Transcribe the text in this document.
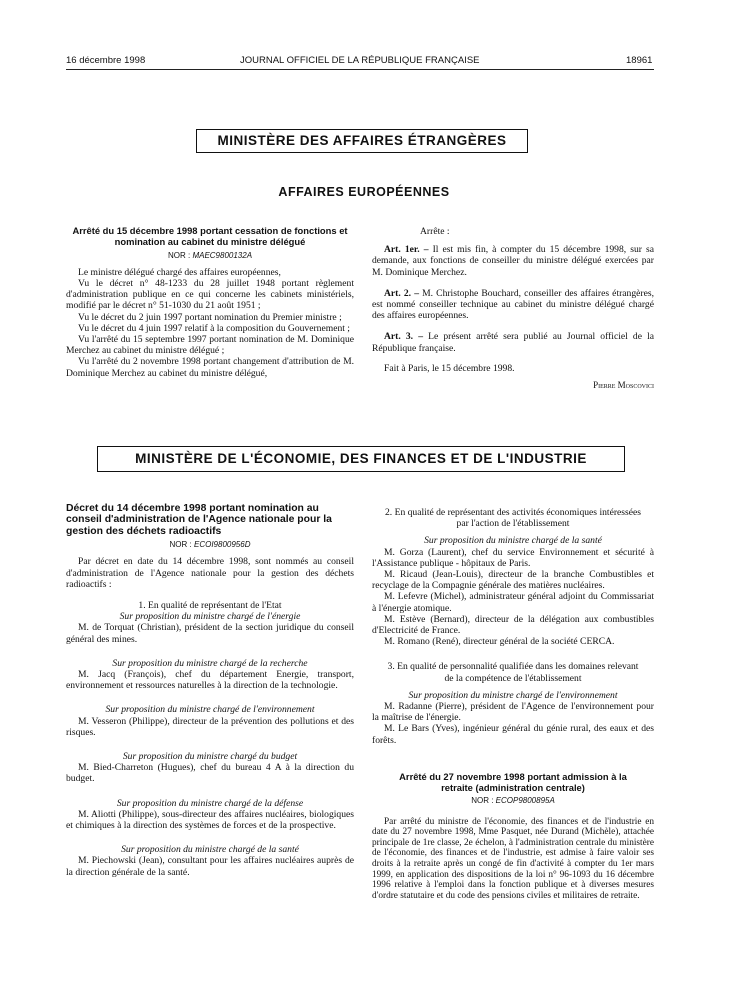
16 décembre 1998	JOURNAL OFFICIEL DE LA RÉPUBLIQUE FRANÇAISE	18961
MINISTÈRE DES AFFAIRES ÉTRANGÈRES
AFFAIRES EUROPÉENNES
Arrêté du 15 décembre 1998 portant cessation de fonctions et nomination au cabinet du ministre délégué
NOR : MAEC9800132A

Le ministre délégué chargé des affaires européennes,

Vu le décret n° 48-1233 du 28 juillet 1948 portant règlement d'administration publique en ce qui concerne les cabinets ministériels, modifié par le décret n° 51-1030 du 21 août 1951 ;

Vu le décret du 2 juin 1997 portant nomination du Premier ministre ;

Vu le décret du 4 juin 1997 relatif à la composition du Gouvernement ;

Vu l'arrêté du 15 septembre 1997 portant nomination de M. Dominique Merchez au cabinet du ministre délégué ;

Vu l'arrêté du 2 novembre 1998 portant changement d'attribution de M. Dominique Merchez au cabinet du ministre délégué,

Arrête :

Art. 1er. – Il est mis fin, à compter du 15 décembre 1998, sur sa demande, aux fonctions de conseiller du ministre délégué exercées par M. Dominique Merchez.

Art. 2. – M. Christophe Bouchard, conseiller des affaires étrangères, est nommé conseiller technique au cabinet du ministre délégué chargé des affaires européennes.

Art. 3. – Le présent arrêté sera publié au Journal officiel de la République française.

Fait à Paris, le 15 décembre 1998.

Pierre Moscovici

MINISTÈRE DE L'ÉCONOMIE, DES FINANCES ET DE L'INDUSTRIE
Décret du 14 décembre 1998 portant nomination au conseil d'administration de l'Agence nationale pour la gestion des déchets radioactifs
NOR : ECOI9800956D

Par décret en date du 14 décembre 1998, sont nommés au conseil d'administration de l'Agence nationale pour la gestion des déchets radioactifs :

1. En qualité de représentant de l'Etat

Sur proposition du ministre chargé de l'énergie

M. de Torquat (Christian), président de la section juridique du conseil général des mines.

Sur proposition du ministre chargé de la recherche

M. Jacq (François), chef du département Energie, transport, environnement et ressources naturelles à la direction de la technologie.

Sur proposition du ministre chargé de l'environnement

M. Vesseron (Philippe), directeur de la prévention des pollutions et des risques.

Sur proposition du ministre chargé du budget

M. Bied-Charreton (Hugues), chef du bureau 4 A à la direction du budget.

Sur proposition du ministre chargé de la défense

M. Aliotti (Philippe), sous-directeur des affaires nucléaires, biologiques et chimiques à la direction des systèmes de forces et de la prospective.

Sur proposition du ministre chargé de la santé

M. Piechowski (Jean), consultant pour les affaires nucléaires auprès de la direction générale de la santé.

2. En qualité de représentant des activités économiques intéressées par l'action de l'établissement

Sur proposition du ministre chargé de la santé

M. Gorza (Laurent), chef du service Environnement et sécurité à l'Assistance publique - hôpitaux de Paris.

M. Ricaud (Jean-Louis), directeur de la branche Combustibles et recyclage de la Compagnie générale des matières nucléaires.

M. Lefevre (Michel), administrateur général adjoint du Commissariat à l'énergie atomique.

M. Estève (Bernard), directeur de la délégation aux combustibles d'Electricité de France.

M. Romano (René), directeur général de la société CERCA.

3. En qualité de personnalité qualifiée dans les domaines relevant de la compétence de l'établissement

Sur proposition du ministre chargé de l'environnement

M. Radanne (Pierre), président de l'Agence de l'environnement pour la maîtrise de l'énergie.

M. Le Bars (Yves), ingénieur général du génie rural, des eaux et des forêts.

Arrêté du 27 novembre 1998 portant admission à la retraite (administration centrale)
NOR : ECOP9800895A

Par arrêté du ministre de l'économie, des finances et de l'industrie en date du 27 novembre 1998, Mme Pasquet, née Durand (Michèle), attachée principale de 1re classe, 2e échelon, à l'administration centrale du ministère de l'économie, des finances et de l'industrie, est admise à faire valoir ses droits à la retraite après un congé de fin d'activité à compter du 1er mars 1999, en application des dispositions de la loi n° 96-1093 du 16 décembre 1996 relative à l'emploi dans la fonction publique et à diverses mesures d'ordre statutaire et du code des pensions civiles et militaires de retraite.
